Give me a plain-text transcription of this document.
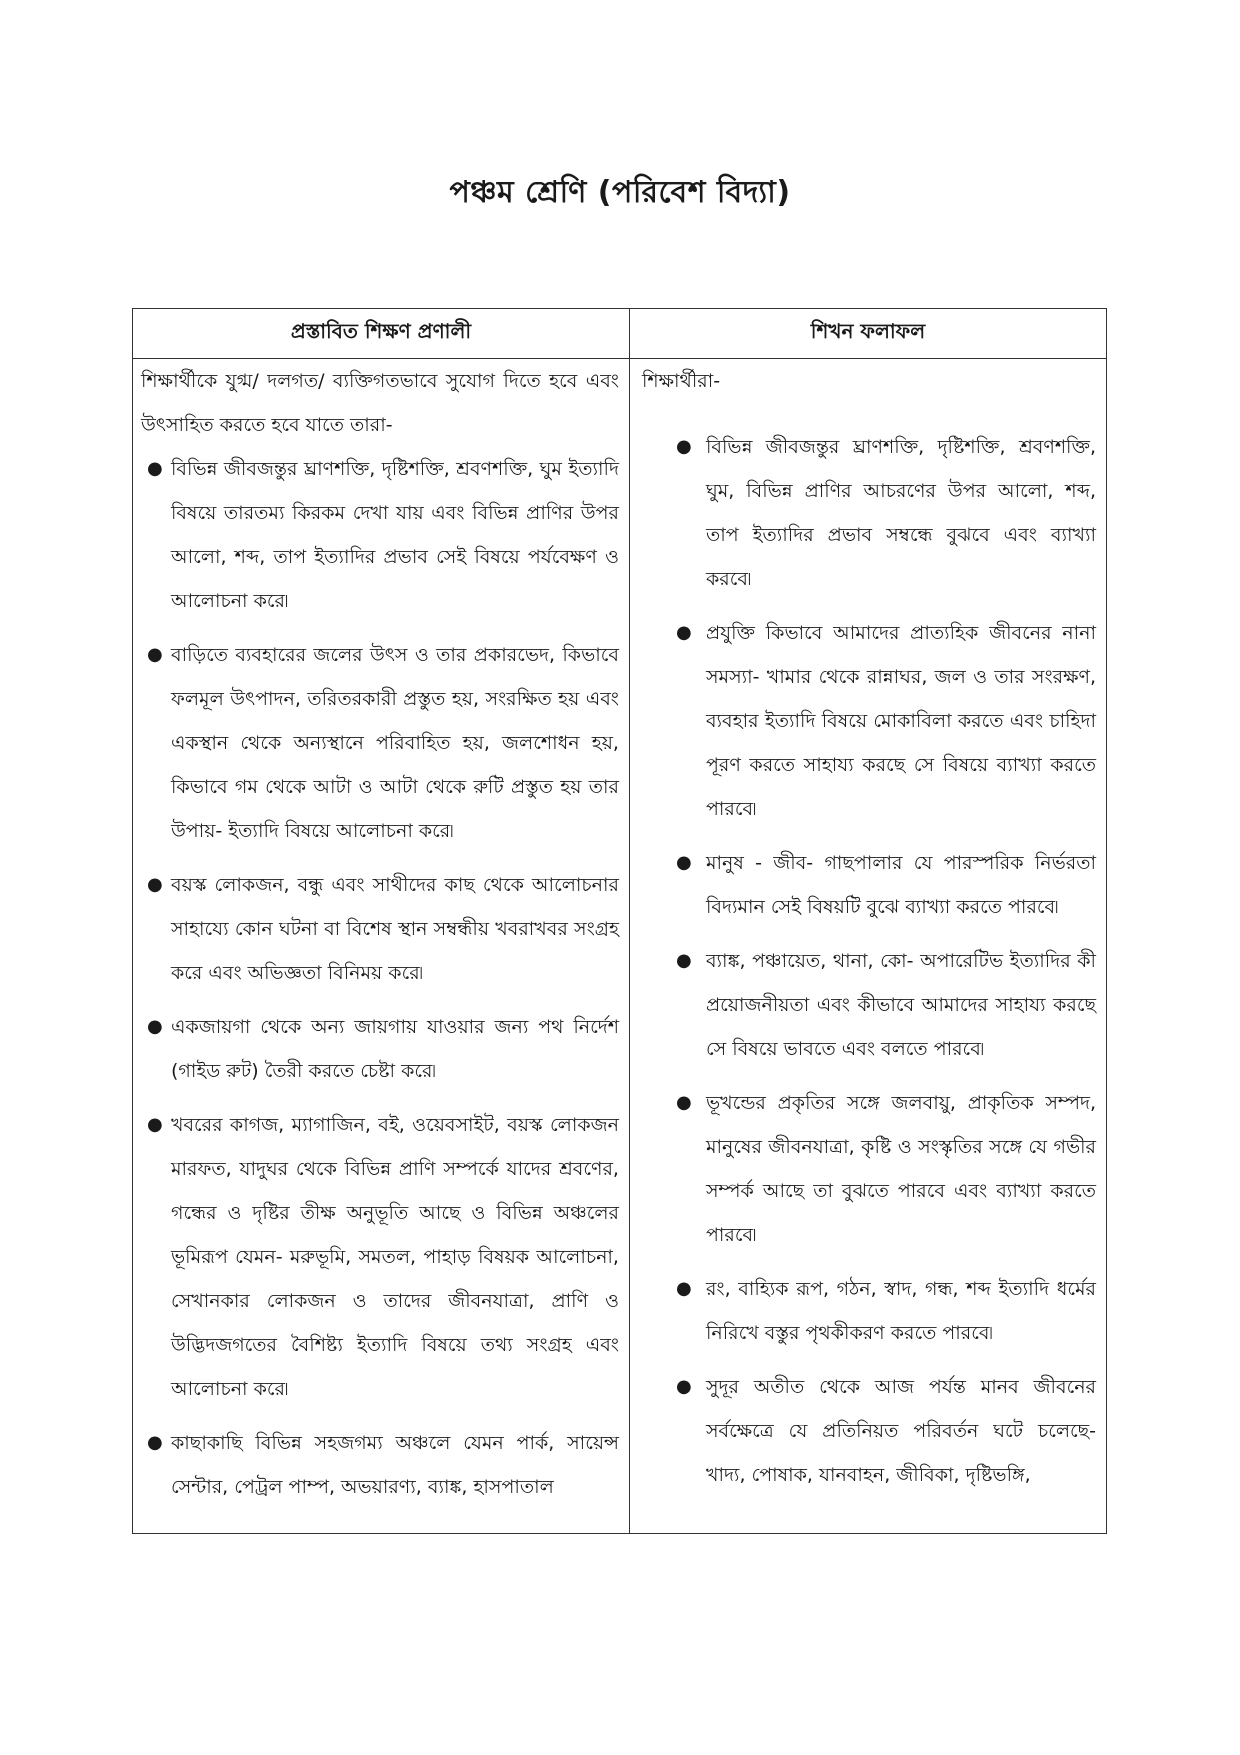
পঞ্চম শ্রেণি (পরিবেশ বিদ্যা)
প্রস্তাবিত শিক্ষণ প্রণালী	শিখন ফলাফল
শিক্ষার্থীকে যুগ্ম/ দলগত/ ব্যক্তিগতভাবে সুযোগ দিতে হবে এবং উৎসাহিত করতে হবে যাতে তারা-
● বিভিন্ন জীবজন্তুর ঘ্রাণশক্তি, দৃষ্টিশক্তি, শ্রবণশক্তি, ঘুম ইত্যাদি বিষয়ে তারতম্য কিরকম দেখা যায় এবং বিভিন্ন প্রাণির উপর আলো, শব্দ, তাপ ইত্যাদির প্রভাব সেই বিষয়ে পর্যবেক্ষণ ও আলোচনা করে৷
● বাড়িতে ব্যবহারের জলের উৎস ও তার প্রকারভেদ, কিভাবে ফলমূল উৎপাদন, তরিতরকারী প্রস্তুত হয়, সংরক্ষিত হয় এবং একস্থান থেকে অন্যস্থানে পরিবাহিত হয়, জলশোধন হয়, কিভাবে গম থেকে আটা ও আটা থেকে রুটি প্রস্তুত হয় তার উপায়- ইত্যাদি বিষয়ে আলোচনা করে৷
● বয়স্ক লোকজন, বন্ধু এবং সাথীদের কাছ থেকে আলোচনার সাহায্যে কোন ঘটনা বা বিশেষ স্থান সম্বন্ধীয় খবরাখবর সংগ্রহ করে এবং অভিজ্ঞতা বিনিময় করে৷
● একজায়গা থেকে অন্য জায়গায় যাওয়ার জন্য পথ নির্দেশ (গাইড রুট) তৈরী করতে চেষ্টা করে৷
● খবরের কাগজ, ম্যাগাজিন, বই, ওয়েবসাইট, বয়স্ক লোকজন মারফত, যাদুঘর থেকে বিভিন্ন প্রাণি সম্পর্কে যাদের শ্রবণের, গন্ধের ও দৃষ্টির তীক্ষ অনুভূতি আছে ও বিভিন্ন অঞ্চলের ভূমিরূপ যেমন- মরুভূমি, সমতল, পাহাড় বিষয়ক আলোচনা, সেখানকার লোকজন ও তাদের জীবনযাত্রা, প্রাণি ও উদ্ভিদজগতের বৈশিষ্ট্য ইত্যাদি বিষয়ে তথ্য সংগ্রহ এবং আলোচনা করে৷
● কাছাকাছি বিভিন্ন সহজগম্য অঞ্চলে যেমন পার্ক, সায়েন্স সেন্টার, পেট্রল পাম্প, অভয়ারণ্য, ব্যাঙ্ক, হাসপাতাল
শিক্ষার্থীরা-
● বিভিন্ন জীবজন্তুর ঘ্রাণশক্তি, দৃষ্টিশক্তি, শ্রবণশক্তি, ঘুম, বিভিন্ন প্রাণির আচরণের উপর আলো, শব্দ, তাপ ইত্যাদির প্রভাব সম্বন্ধে বুঝবে এবং ব্যাখ্যা করবে৷
● প্রযুক্তি কিভাবে আমাদের প্রাত্যহিক জীবনের নানা সমস্যা- খামার থেকে রান্নাঘর, জল ও তার সংরক্ষণ, ব্যবহার ইত্যাদি বিষয়ে মোকাবিলা করতে এবং চাহিদা পূরণ করতে সাহায্য করছে সে বিষয়ে ব্যাখ্যা করতে পারবে৷
● মানুষ - জীব- গাছপালার যে পারস্পরিক নির্ভরতা বিদ্যমান সেই বিষয়টি বুঝে ব্যাখ্যা করতে পারবে৷
● ব্যাঙ্ক, পঞ্চায়েত, থানা, কো- অপারেটিভ ইত্যাদির কী প্রয়োজনীয়তা এবং কীভাবে আমাদের সাহায্য করছে সে বিষয়ে ভাবতে এবং বলতে পারবে৷
● ভূখন্ডের প্রকৃতির সঙ্গে জলবায়ু, প্রাকৃতিক সম্পদ, মানুষের জীবনযাত্রা, কৃষ্টি ও সংস্কৃতির সঙ্গে যে গভীর সম্পর্ক আছে তা বুঝতে পারবে এবং ব্যাখ্যা করতে পারবে৷
● রং, বাহ্যিক রূপ, গঠন, স্বাদ, গন্ধ, শব্দ ইত্যাদি ধর্মের নিরিখে বস্তুর পৃথকীকরণ করতে পারবে৷
● সুদূর অতীত থেকে আজ পর্যন্ত মানব জীবনের সর্বক্ষেত্রে যে প্রতিনিয়ত পরিবর্তন ঘটে চলেছে- খাদ্য, পোষাক, যানবাহন, জীবিকা, দৃষ্টিভঙ্গি,
